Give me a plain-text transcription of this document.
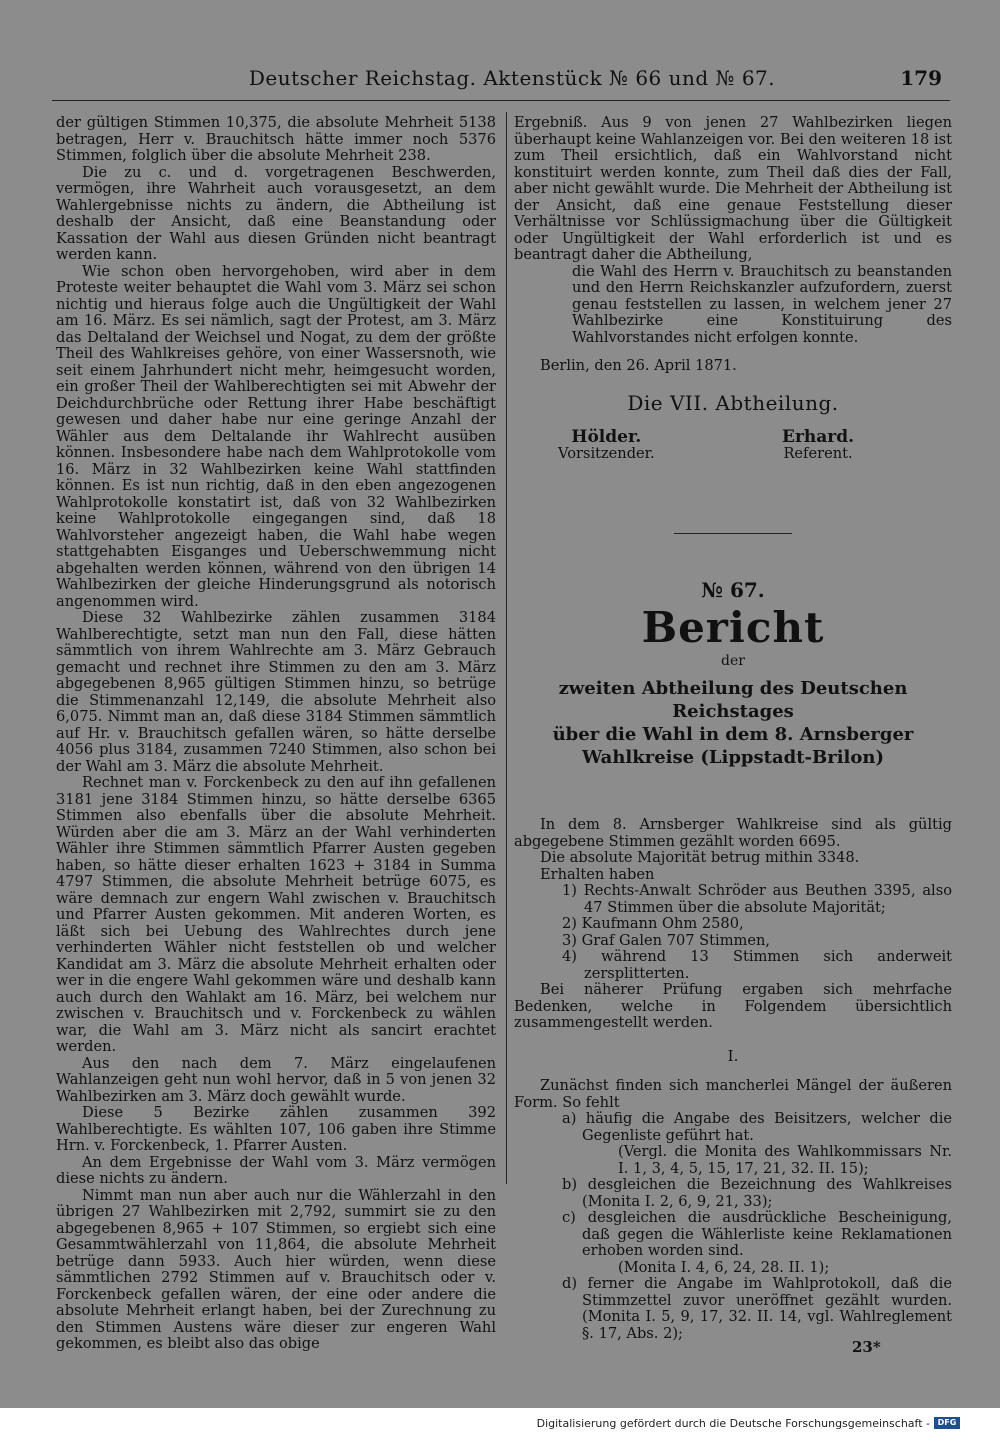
Deutscher Reichstag. Aktenstück № 66 und № 67.	179

der gültigen Stimmen 10,375, die absolute Mehrheit 5138 betragen, Herr v. Brauchitsch hätte immer noch 5376 Stimmen, folglich über die absolute Mehrheit 238.

Die zu c. und d. vorgetragenen Beschwerden, vermögen, ihre Wahrheit auch vorausgesetzt, an dem Wahlergebnisse nichts zu ändern, die Abtheilung ist deshalb der Ansicht, daß eine Beanstandung oder Kassation der Wahl aus diesen Gründen nicht beantragt werden kann.

Wie schon oben hervorgehoben, wird aber in dem Proteste weiter behauptet die Wahl vom 3. März sei schon nichtig und hieraus folge auch die Ungültigkeit der Wahl am 16. März. Es sei nämlich, sagt der Protest, am 3. März das Deltaland der Weichsel und Nogat, zu dem der größte Theil des Wahlkreises gehöre, von einer Wassersnoth, wie seit einem Jahrhundert nicht mehr, heimgesucht worden, ein großer Theil der Wahlberechtigten sei mit Abwehr der Deichdurchbrüche oder Rettung ihrer Habe beschäftigt gewesen und daher habe nur eine geringe Anzahl der Wähler aus dem Deltalande ihr Wahlrecht ausüben können. Insbesondere habe nach dem Wahlprotokolle vom 16. März in 32 Wahlbezirken keine Wahl stattfinden können. Es ist nun richtig, daß in den eben angezogenen Wahlprotokolle konstatirt ist, daß von 32 Wahlbezirken keine Wahlprotokolle eingegangen sind, daß 18 Wahlvorsteher angezeigt haben, die Wahl habe wegen stattgehabten Eisganges und Ueberschwemmung nicht abgehalten werden können, während von den übrigen 14 Wahlbezirken der gleiche Hinderungsgrund als notorisch angenommen wird.

Diese 32 Wahlbezirke zählen zusammen 3184 Wahlberechtigte, setzt man nun den Fall, diese hätten sämmtlich von ihrem Wahlrechte am 3. März Gebrauch gemacht und rechnet ihre Stimmen zu den am 3. März abgegebenen 8,965 gültigen Stimmen hinzu, so betrüge die Stimmenanzahl 12,149, die absolute Mehrheit also 6,075. Nimmt man an, daß diese 3184 Stimmen sämmtlich auf Hr. v. Brauchitsch gefallen wären, so hätte derselbe 4056 plus 3184, zusammen 7240 Stimmen, also schon bei der Wahl am 3. März die absolute Mehrheit.

Rechnet man v. Forckenbeck zu den auf ihn gefallenen 3181 jene 3184 Stimmen hinzu, so hätte derselbe 6365 Stimmen also ebenfalls über die absolute Mehrheit. Würden aber die am 3. März an der Wahl verhinderten Wähler ihre Stimmen sämmtlich Pfarrer Austen gegeben haben, so hätte dieser erhalten 1623 + 3184 in Summa 4797 Stimmen, die absolute Mehrheit betrüge 6075, es wäre demnach zur engern Wahl zwischen v. Brauchitsch und Pfarrer Austen gekommen. Mit anderen Worten, es läßt sich bei Uebung des Wahlrechtes durch jene verhinderten Wähler nicht feststellen ob und welcher Kandidat am 3. März die absolute Mehrheit erhalten oder wer in die engere Wahl gekommen wäre und deshalb kann auch durch den Wahlakt am 16. März, bei welchem nur zwischen v. Brauchitsch und v. Forckenbeck zu wählen war, die Wahl am 3. März nicht als sancirt erachtet werden.

Aus den nach dem 7. März eingelaufenen Wahlanzeigen geht nun wohl hervor, daß in 5 von jenen 32 Wahlbezirken am 3. März doch gewählt wurde.

Diese 5 Bezirke zählen zusammen 392 Wahlberechtigte. Es wählten 107, 106 gaben ihre Stimme Hrn. v. Forckenbeck, 1. Pfarrer Austen.

An dem Ergebnisse der Wahl vom 3. März vermögen diese nichts zu ändern.

Nimmt man nun aber auch nur die Wählerzahl in den übrigen 27 Wahlbezirken mit 2,792, summirt sie zu den abgegebenen 8,965 + 107 Stimmen, so ergiebt sich eine Gesammtwählerzahl von 11,864, die absolute Mehrheit betrüge dann 5933. Auch hier würden, wenn diese sämmtlichen 2792 Stimmen auf v. Brauchitsch oder v. Forckenbeck gefallen wären, der eine oder andere die absolute Mehrheit erlangt haben, bei der Zurechnung zu den Stimmen Austens wäre dieser zur engeren Wahl gekommen, es bleibt also das obige

Ergebniß. Aus 9 von jenen 27 Wahlbezirken liegen überhaupt keine Wahlanzeigen vor. Bei den weiteren 18 ist zum Theil ersichtlich, daß ein Wahlvorstand nicht konstituirt werden konnte, zum Theil daß dies der Fall, aber nicht gewählt wurde. Die Mehrheit der Abtheilung ist der Ansicht, daß eine genaue Feststellung dieser Verhältnisse vor Schlüssigmachung über die Gültigkeit oder Ungültigkeit der Wahl erforderlich ist und es beantragt daher die Abtheilung,

die Wahl des Herrn v. Brauchitsch zu beanstanden und den Herrn Reichskanzler aufzufordern, zuerst genau feststellen zu lassen, in welchem jener 27 Wahlbezirke eine Konstituirung des Wahlvorstandes nicht erfolgen konnte.

Berlin, den 26. April 1871.

Die VII. Abtheilung.
Hölder.
Vorsitzender.
Erhard.
Referent.
№ 67.
Bericht
der
zweiten Abtheilung des Deutschen Reichstages
über die Wahl in dem 8. Arnsberger
Wahlkreise (Lippstadt-Brilon)

In dem 8. Arnsberger Wahlkreise sind als gültig abgegebene Stimmen gezählt worden 6695.

Die absolute Majorität betrug mithin 3348.

Erhalten haben

1) Rechts-Anwalt Schröder aus Beuthen 3395, also 47 Stimmen über die absolute Majorität;

2) Kaufmann Ohm 2580,

3) Graf Galen 707 Stimmen,

4) während 13 Stimmen sich anderweit zersplitterten.

Bei näherer Prüfung ergaben sich mehrfache Bedenken, welche in Folgendem übersichtlich zusammengestellt werden.

I.

Zunächst finden sich mancherlei Mängel der äußeren Form. So fehlt

a) häufig die Angabe des Beisitzers, welcher die Gegenliste geführt hat.

(Vergl. die Monita des Wahlkommissars Nr. I. 1, 3, 4, 5, 15, 17, 21, 32. II. 15);

b) desgleichen die Bezeichnung des Wahlkreises (Monita I. 2, 6, 9, 21, 33);

c) desgleichen die ausdrückliche Bescheinigung, daß gegen die Wählerliste keine Reklamationen erhoben worden sind.

(Monita I. 4, 6, 24, 28. II. 1);

d) ferner die Angabe im Wahlprotokoll, daß die Stimmzettel zuvor uneröffnet gezählt wurden. (Monita I. 5, 9, 17, 32. II. 14, vgl. Wahlreglement §. 17, Abs. 2);

23*
Digitalisierung gefördert durch die Deutsche Forschungsgemeinschaft - DFG
